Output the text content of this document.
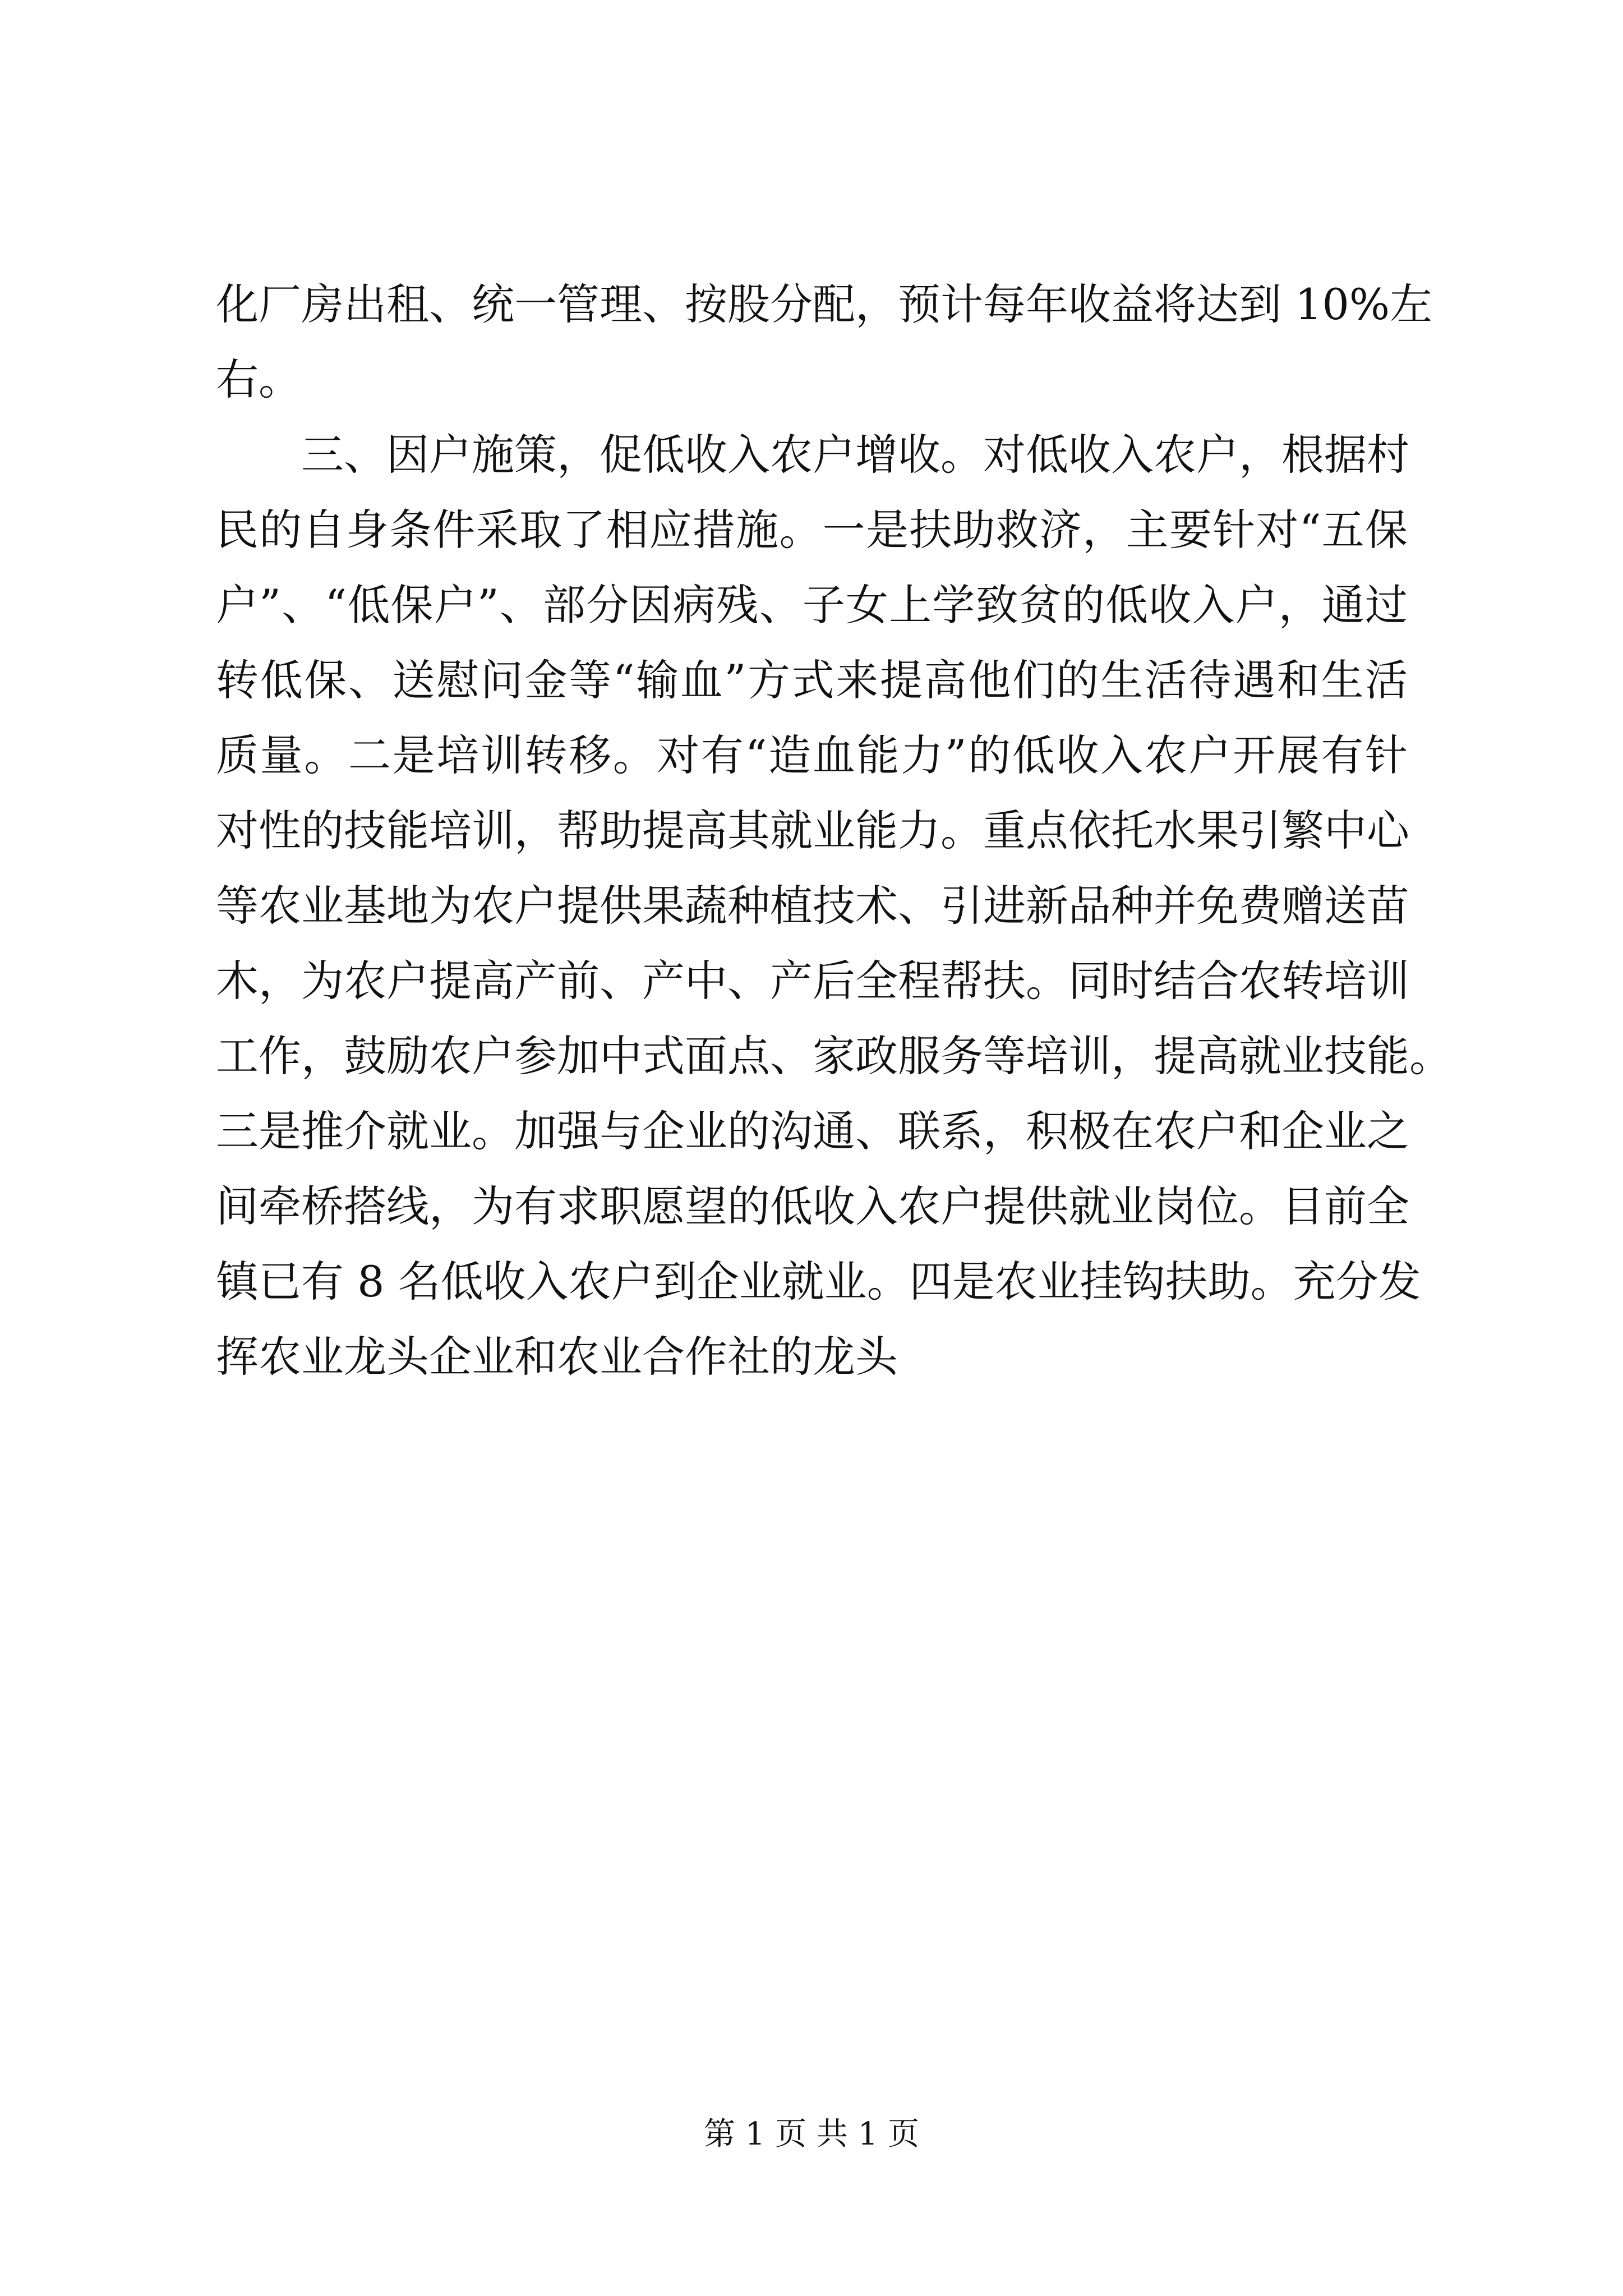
化厂房出租、统一管理、按股分配，预计每年收益将达到 10%左
右。
三、因户施策，促低收入农户增收。对低收入农户，根据村
民的自身条件采取了相应措施。一是扶助救济，主要针对“五保
户”、“低保户”、部分因病残、子女上学致贫的低收入户，通过
转低保、送慰问金等“输血”方式来提高他们的生活待遇和生活
质量。二是培训转移。对有“造血能力”的低收入农户开展有针
对性的技能培训，帮助提高其就业能力。重点依托水果引繁中心
等农业基地为农户提供果蔬种植技术、引进新品种并免费赠送苗
木，为农户提高产前、产中、产后全程帮扶。同时结合农转培训
工作，鼓励农户参加中式面点、家政服务等培训，提高就业技能。
三是推介就业。加强与企业的沟通、联系，积极在农户和企业之
间牵桥搭线，为有求职愿望的低收入农户提供就业岗位。目前全
镇已有 8 名低收入农户到企业就业。四是农业挂钩扶助。充分发
挥农业龙头企业和农业合作社的龙头
第 1 页 共 1 页
